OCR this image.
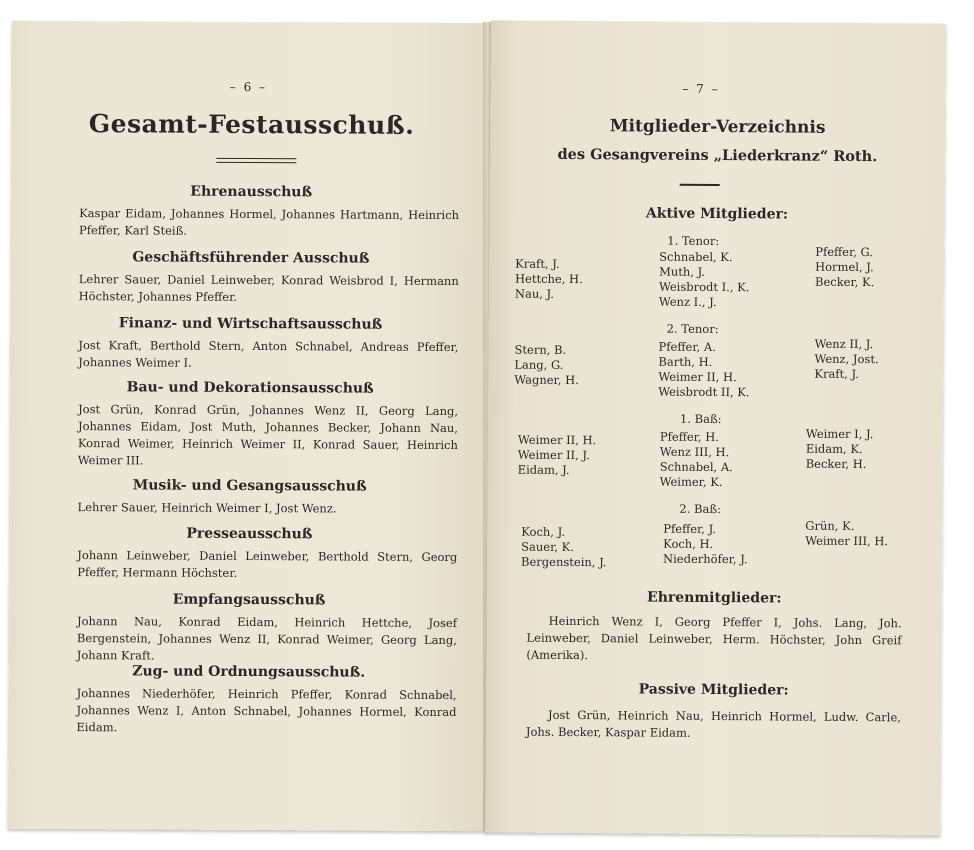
– 6 –
Gesamt-Festausschuß.
Ehrenausschuß
Kaspar Eidam, Johannes Hormel, Johannes Hartmann, Heinrich Pfeffer, Karl Steiß.
Geschäftsführender Ausschuß
Lehrer Sauer, Daniel Leinweber, Konrad Weisbrod I, Hermann Höchster, Johannes Pfeffer.
Finanz- und Wirtschaftsausschuß
Jost Kraft, Berthold Stern, Anton Schnabel, Andreas Pfeffer, Johannes Weimer I.
Bau- und Dekorationsausschuß
Jost Grün, Konrad Grün, Johannes Wenz II, Georg Lang, Johannes Eidam, Jost Muth, Johannes Becker, Johann Nau, Konrad Weimer, Heinrich Weimer II, Konrad Sauer, Heinrich Weimer III.
Musik- und Gesangsausschuß
Lehrer Sauer, Heinrich Weimer I, Jost Wenz.
Presseausschuß
Johann Leinweber, Daniel Leinweber, Berthold Stern, Georg Pfeffer, Hermann Höchster.
Empfangsausschuß
Johann Nau, Konrad Eidam, Heinrich Hettche, Josef Bergenstein, Johannes Wenz II, Konrad Weimer, Georg Lang, Johann Kraft.
Zug- und Ordnungsausschuß.
Johannes Niederhöfer, Heinrich Pfeffer, Konrad Schnabel, Johannes Wenz I, Anton Schnabel, Johannes Hormel, Konrad Eidam.
– 7 –
Mitglieder-Verzeichnis
des Gesangvereins „Liederkranz“ Roth.
Aktive Mitglieder:
1. Tenor:
Kraft, J.
Hettche, H.
Nau, J.
Schnabel, K.
Muth, J.
Weisbrodt I., K.
Wenz I., J.
Pfeffer, G.
Hormel, J.
Becker, K.
2. Tenor:
Stern, B.
Lang, G.
Wagner, H.
Pfeffer, A.
Barth, H.
Weimer II, H.
Weisbrodt II, K.
Wenz II, J.
Wenz, Jost.
Kraft, J.
1. Baß:
Weimer II, H.
Weimer II, J.
Eidam, J.
Pfeffer, H.
Wenz III, H.
Schnabel, A.
Weimer, K.
Weimer I, J.
Eidam, K.
Becker, H.
2. Baß:
Koch, J.
Sauer, K.
Bergenstein, J.
Pfeffer, J.
Koch, H.
Niederhöfer, J.
Grün, K.
Weimer III, H.
Ehrenmitglieder:
Heinrich Wenz I, Georg Pfeffer I, Johs. Lang, Joh. Leinweber, Daniel Leinweber, Herm. Höchster, John Greif (Amerika).
Passive Mitglieder:
Jost Grün, Heinrich Nau, Heinrich Hormel, Ludw. Carle, Johs. Becker, Kaspar Eidam.
